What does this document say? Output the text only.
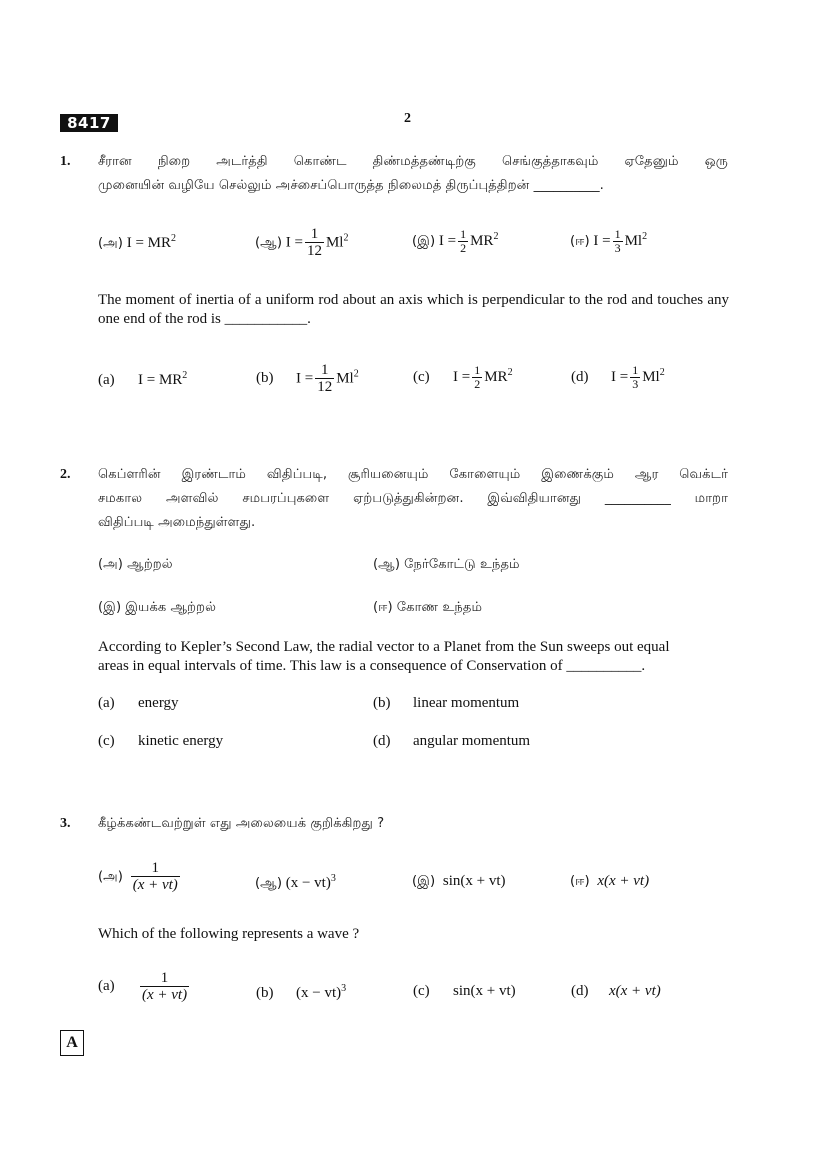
8417	2
1. சீரான நிறை அடர்த்தி கொண்ட திண்மத்தண்டிற்கு செங்குத்தாகவும் ஏதேனும் ஒரு
முனையின் வழியே செல்லும் அச்சைப்பொருத்த நிலைமத் திருப்புத்திறன் __________.
(அ) $I = MR^2$	(ஆ) $I = \frac{1}{12} Ml^2$	(இ) $I = \frac{1}{2} MR^2$	(ஈ) $I = \frac{1}{3} Ml^2$
The moment of inertia of a uniform rod about an axis which is perpendicular to the rod and touches any one end of the rod is ___________.
(a) $I = MR^2$	(b) $I = \frac{1}{12} Ml^2$	(c) $I = \frac{1}{2} MR^2$	(d) $I = \frac{1}{3} Ml^2$
2. கெப்ளரின் இரண்டாம் விதிப்படி, சூரியனையும் கோளையும் இணைக்கும் ஆர வெக்டர்
சமகால அளவில் சமபரப்புகளை ஏற்படுத்துகின்றன. இவ்விதியானது __________ மாறா
விதிப்படி அமைந்துள்ளது.
(அ) ஆற்றல்	(ஆ) நேர்கோட்டு உந்தம்
(இ) இயக்க ஆற்றல்	(ஈ) கோண உந்தம்
According to Kepler’s Second Law, the radial vector to a Planet from the Sun sweeps out equal
areas in equal intervals of time. This law is a consequence of Conservation of __________.
(a) energy	(b) linear momentum
(c) kinetic energy	(d) angular momentum
3. கீழ்க்கண்டவற்றுள் எது அலையைக் குறிக்கிறது ?
(அ) $\frac{1}{(x + vt)}$	(ஆ) (x − vt)$^3$	(இ) sin(x + vt)	(ஈ) x(x + vt)
Which of the following represents a wave ?
$(a) \frac{1}{(x + vt)}$	(b) (x − vt)$^3$	(c) sin(x + vt)	(d) x(x + vt)
A
